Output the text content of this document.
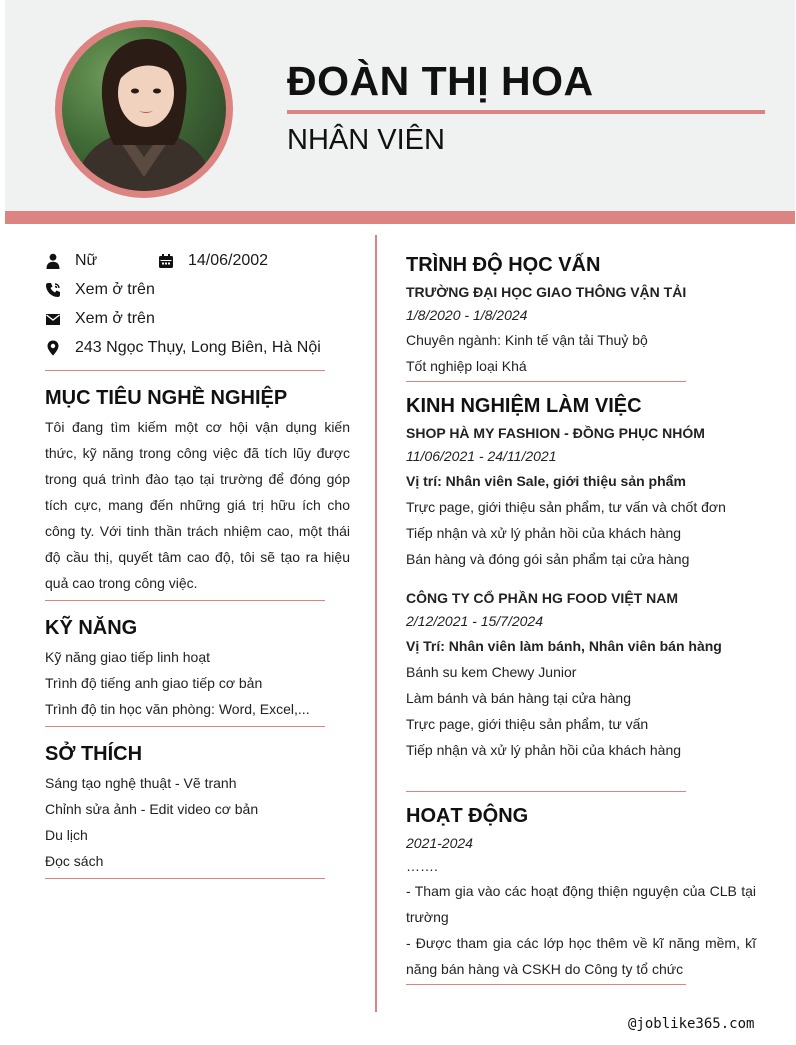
ĐOÀN THỊ HOA
NHÂN VIÊN
Nữ	14/06/2002
Xem ở trên
Xem ở trên
243 Ngọc Thụy, Long Biên, Hà Nội
MỤC TIÊU NGHỀ NGHIỆP
Tôi đang tìm kiếm một cơ hội vận dụng kiến thức, kỹ năng trong công việc đã tích lũy được trong quá trình đào tạo tại trường để đóng góp tích cực, mang đến những giá trị hữu ích cho công ty. Với tinh thần trách nhiệm cao, một thái độ cầu thị, quyết tâm cao độ, tôi sẽ tạo ra hiệu quả cao trong công việc.
KỸ NĂNG
Kỹ năng giao tiếp linh hoạt
Trình độ tiếng anh giao tiếp cơ bản
Trình độ tin học văn phòng: Word, Excel,...
SỞ THÍCH
Sáng tạo nghệ thuật - Vẽ tranh
Chỉnh sửa ảnh - Edit video cơ bản
Du lịch
Đọc sách
TRÌNH ĐỘ HỌC VẤN
TRƯỜNG ĐẠI HỌC GIAO THÔNG VẬN TẢI
1/8/2020 - 1/8/2024
Chuyên ngành: Kinh tế vận tải Thuỷ bộ
Tốt nghiệp loại Khá
KINH NGHIỆM LÀM VIỆC
SHOP HÀ MY FASHION - ĐỒNG PHỤC NHÓM
11/06/2021 - 24/11/2021
Vị trí: Nhân viên Sale, giới thiệu sản phẩm
Trực page, giới thiệu sản phẩm, tư vấn và chốt đơn
Tiếp nhận và xử lý phản hồi của khách hàng
Bán hàng và đóng gói sản phẩm tại cửa hàng
CÔNG TY CỔ PHẦN HG FOOD VIỆT NAM
2/12/2021 - 15/7/2024
Vị Trí: Nhân viên làm bánh, Nhân viên bán hàng
Bánh su kem Chewy Junior
Làm bánh và bán hàng tại cửa hàng
Trực page, giới thiệu sản phẩm, tư vấn
Tiếp nhận và xử lý phản hồi của khách hàng
HOẠT ĐỘNG
2021-2024
…….
- Tham gia vào các hoạt động thiện nguyện của CLB tại trường
- Được tham gia các lớp học thêm về kĩ năng mềm, kĩ năng bán hàng và CSKH do Công ty tổ chức
@joblike365.com
